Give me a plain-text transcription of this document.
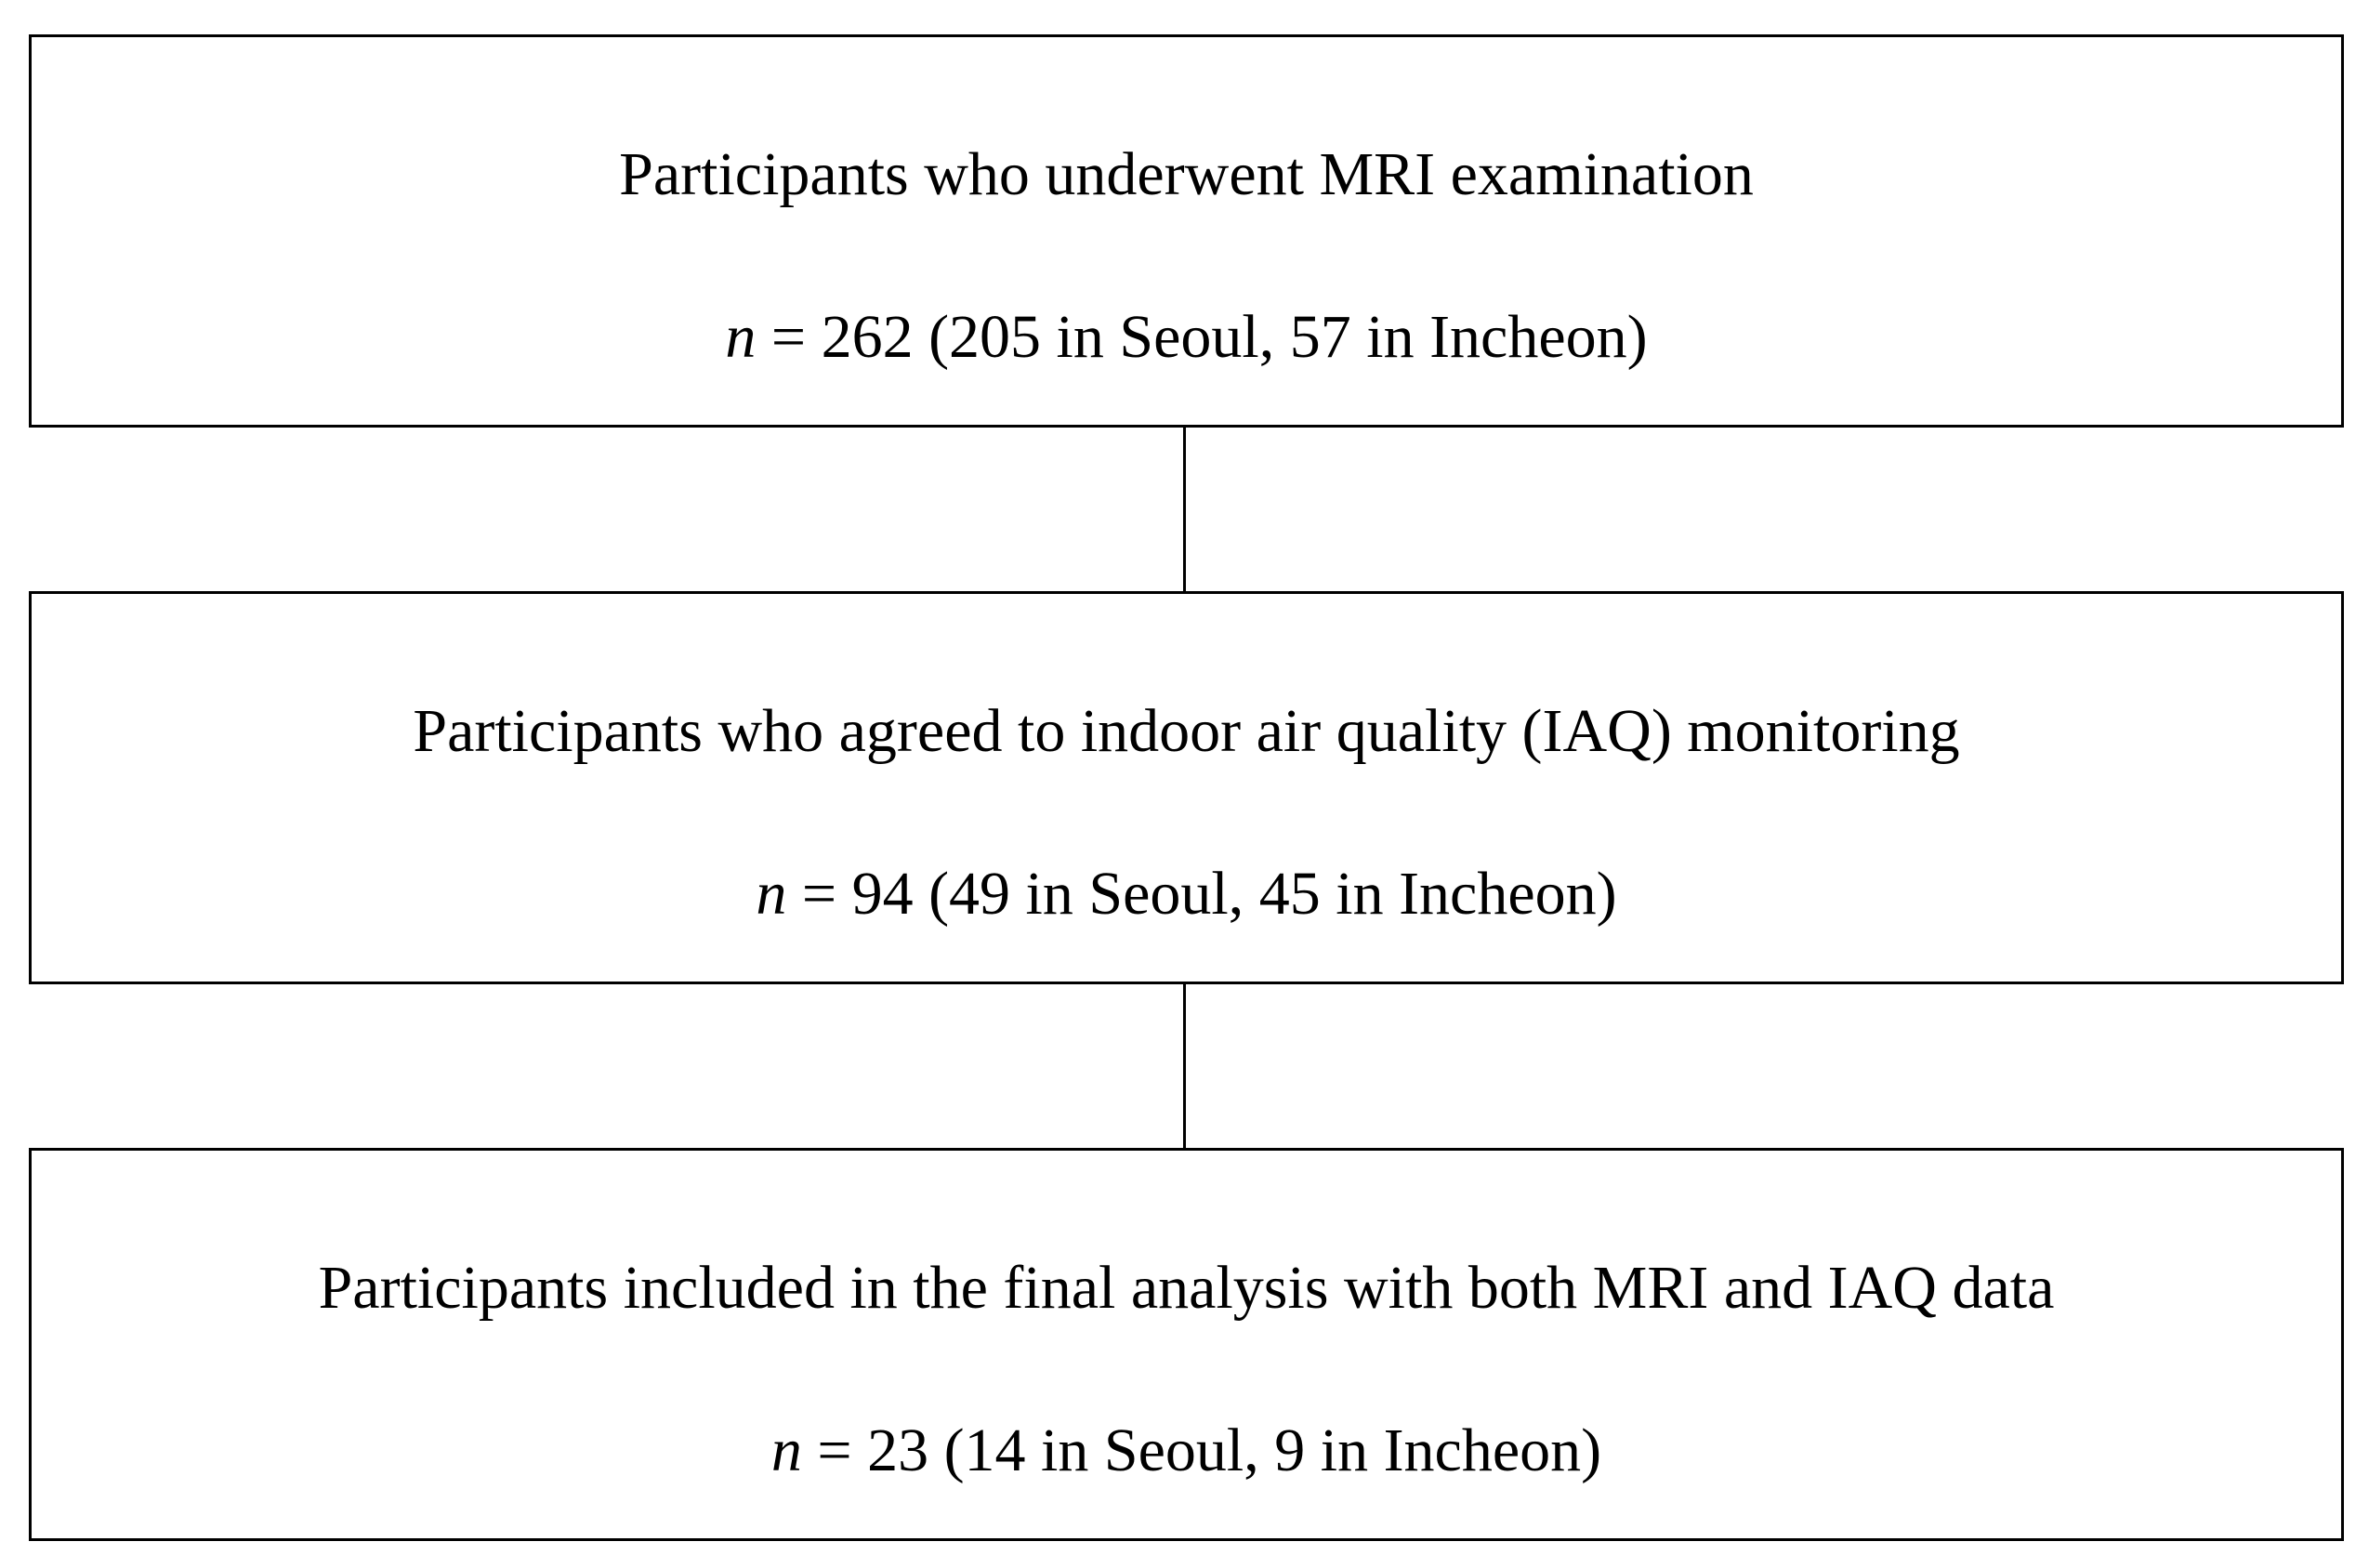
Participants who underwent MRI examination
n = 262 (205 in Seoul, 57 in Incheon)
Participants who agreed to indoor air quality (IAQ) monitoring
n = 94 (49 in Seoul, 45 in Incheon)
Participants included in the final analysis with both MRI and IAQ data
n = 23 (14 in Seoul, 9 in Incheon)
